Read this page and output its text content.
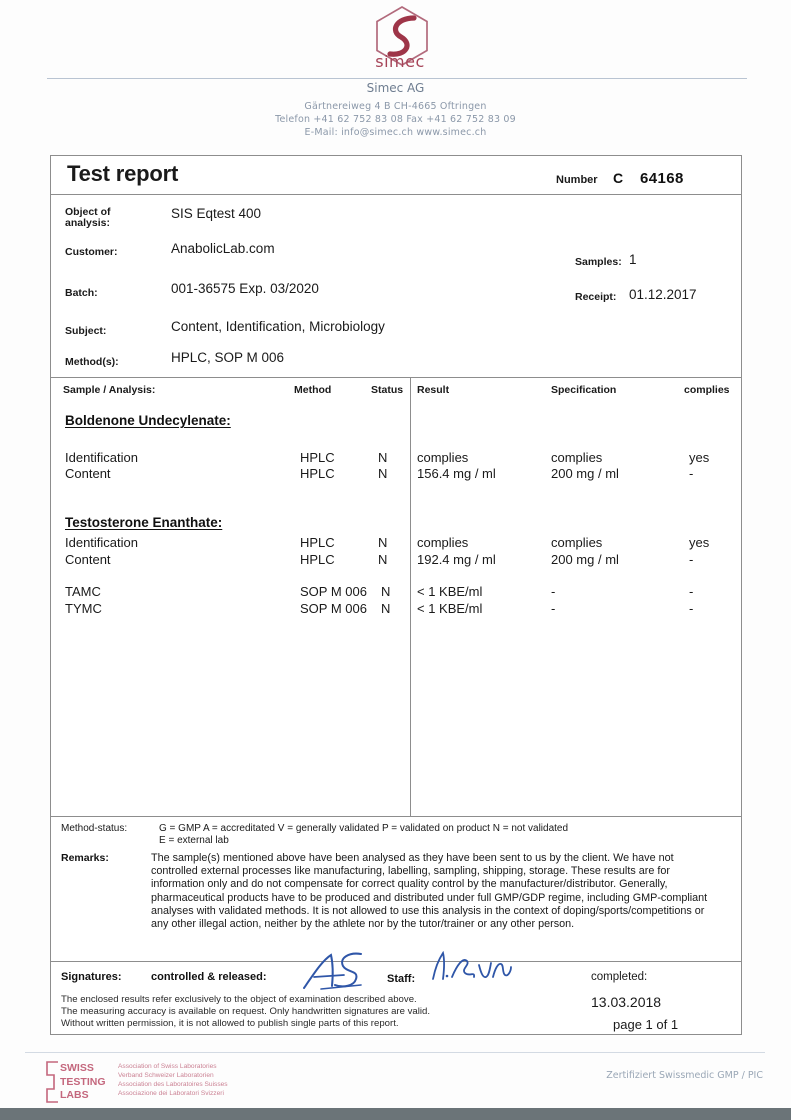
simec
Simec AG
Gärtnereiweg 4 B CH-4665 Oftringen
Telefon +41 62 752 83 08 Fax +41 62 752 83 09
E-Mail: info@simec.ch www.simec.ch
Test report	Number C 64168
Object of
analysis:
SIS Eqtest 400
Customer:	AnabolicLab.com
Samples: 1
Batch:	001-36575 Exp. 03/2020
Receipt: 01.12.2017
Subject:	Content, Identification, Microbiology
Method(s):	HPLC, SOP M 006
Sample / Analysis:	Method	Status Result	Specification	complies
Boldenone Undecylenate:
Identification	HPLC	N complies	complies	yes
Content	HPLC	N 156.4 mg / ml	200 mg / ml	-
Testosterone Enanthate:
Identification	HPLC	N complies	complies	yes
Content	HPLC	N 192.4 mg / ml	200 mg / ml	-
TAMC	SOP M 006 N < 1 KBE/ml	-	-
TYMC	SOP M 006 N < 1 KBE/ml	-	-
Method-status:	G = GMP A = accreditated V = generally validated P = validated on product N = not validated
E = external lab
Remarks:	The sample(s) mentioned above have been analysed as they have been sent to us by the client. We have not controlled external processes like manufacturing, labelling, sampling, shipping, storage. These results are for information only and do not compensate for correct quality control by the manufacturer/distributor. Generally, pharmaceutical products have to be produced and distributed under full GMP/GDP regime, including GMP-compliant analyses with validated methods. It is not allowed to use this analysis in the context of doping/sports/competitions or any other illegal action, neither by the athlete nor by the tutor/trainer or any other person.
Signatures:	controlled & released:	Staff:
The enclosed results refer exclusively to the object of examination described above.
The measuring accuracy is available on request. Only handwritten signatures are valid.
Without written permission, it is not allowed to publish single parts of this report.
completed:
13.03.2018
page 1 of 1
SWISS
TESTING
LABS
Association of Swiss Laboratories
Verband Schweizer Laboratorien
Association des Laboratoires Suisses
Associazione dei Laboratori Svizzeri
Zertifiziert Swissmedic GMP / PIC
